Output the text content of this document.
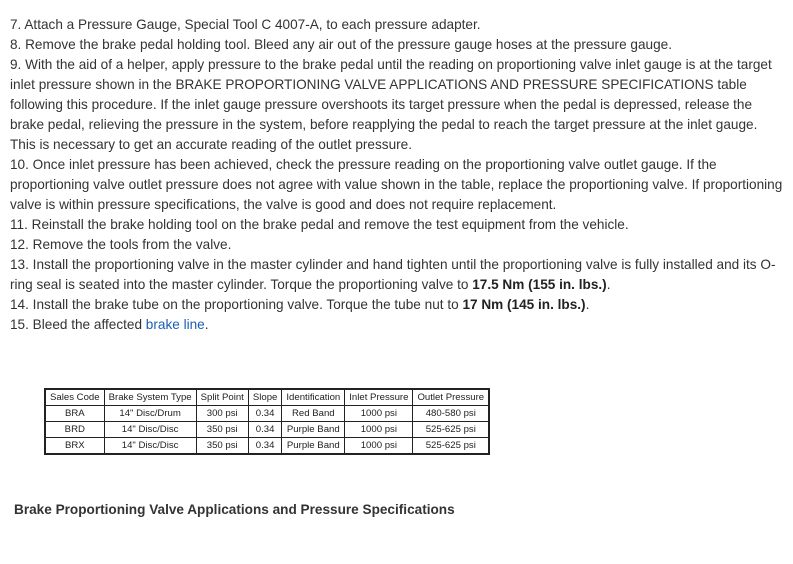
7. Attach a Pressure Gauge, Special Tool C 4007-A, to each pressure adapter.

8. Remove the brake pedal holding tool. Bleed any air out of the pressure gauge hoses at the pressure gauge.

9. With the aid of a helper, apply pressure to the brake pedal until the reading on proportioning valve inlet gauge is at the target inlet pressure shown in the BRAKE PROPORTIONING VALVE APPLICATIONS AND PRESSURE SPECIFICATIONS table following this procedure. If the inlet gauge pressure overshoots its target pressure when the pedal is depressed, release the brake pedal, relieving the pressure in the system, before reapplying the pedal to reach the target pressure at the inlet gauge. This is necessary to get an accurate reading of the outlet pressure.

10. Once inlet pressure has been achieved, check the pressure reading on the proportioning valve outlet gauge. If the proportioning valve outlet pressure does not agree with value shown in the table, replace the proportioning valve. If proportioning valve is within pressure specifications, the valve is good and does not require replacement.

11. Reinstall the brake holding tool on the brake pedal and remove the test equipment from the vehicle.

12. Remove the tools from the valve.

13. Install the proportioning valve in the master cylinder and hand tighten until the proportioning valve is fully installed and its O-ring seal is seated into the master cylinder. Torque the proportioning valve to 17.5 Nm (155 in. lbs.).

14. Install the brake tube on the proportioning valve. Torque the tube nut to 17 Nm (145 in. lbs.).

15. Bleed the affected brake line.

Sales Code	Brake System Type	Split Point	Slope	Identification	Inlet Pressure	Outlet Pressure
BRA	14" Disc/Drum	300 psi	0.34	Red Band	1000 psi	480-580 psi
BRD	14" Disc/Disc	350 psi	0.34	Purple Band	1000 psi	525-625 psi
BRX	14" Disc/Disc	350 psi	0.34	Purple Band	1000 psi	525-625 psi
Brake Proportioning Valve Applications and Pressure Specifications
